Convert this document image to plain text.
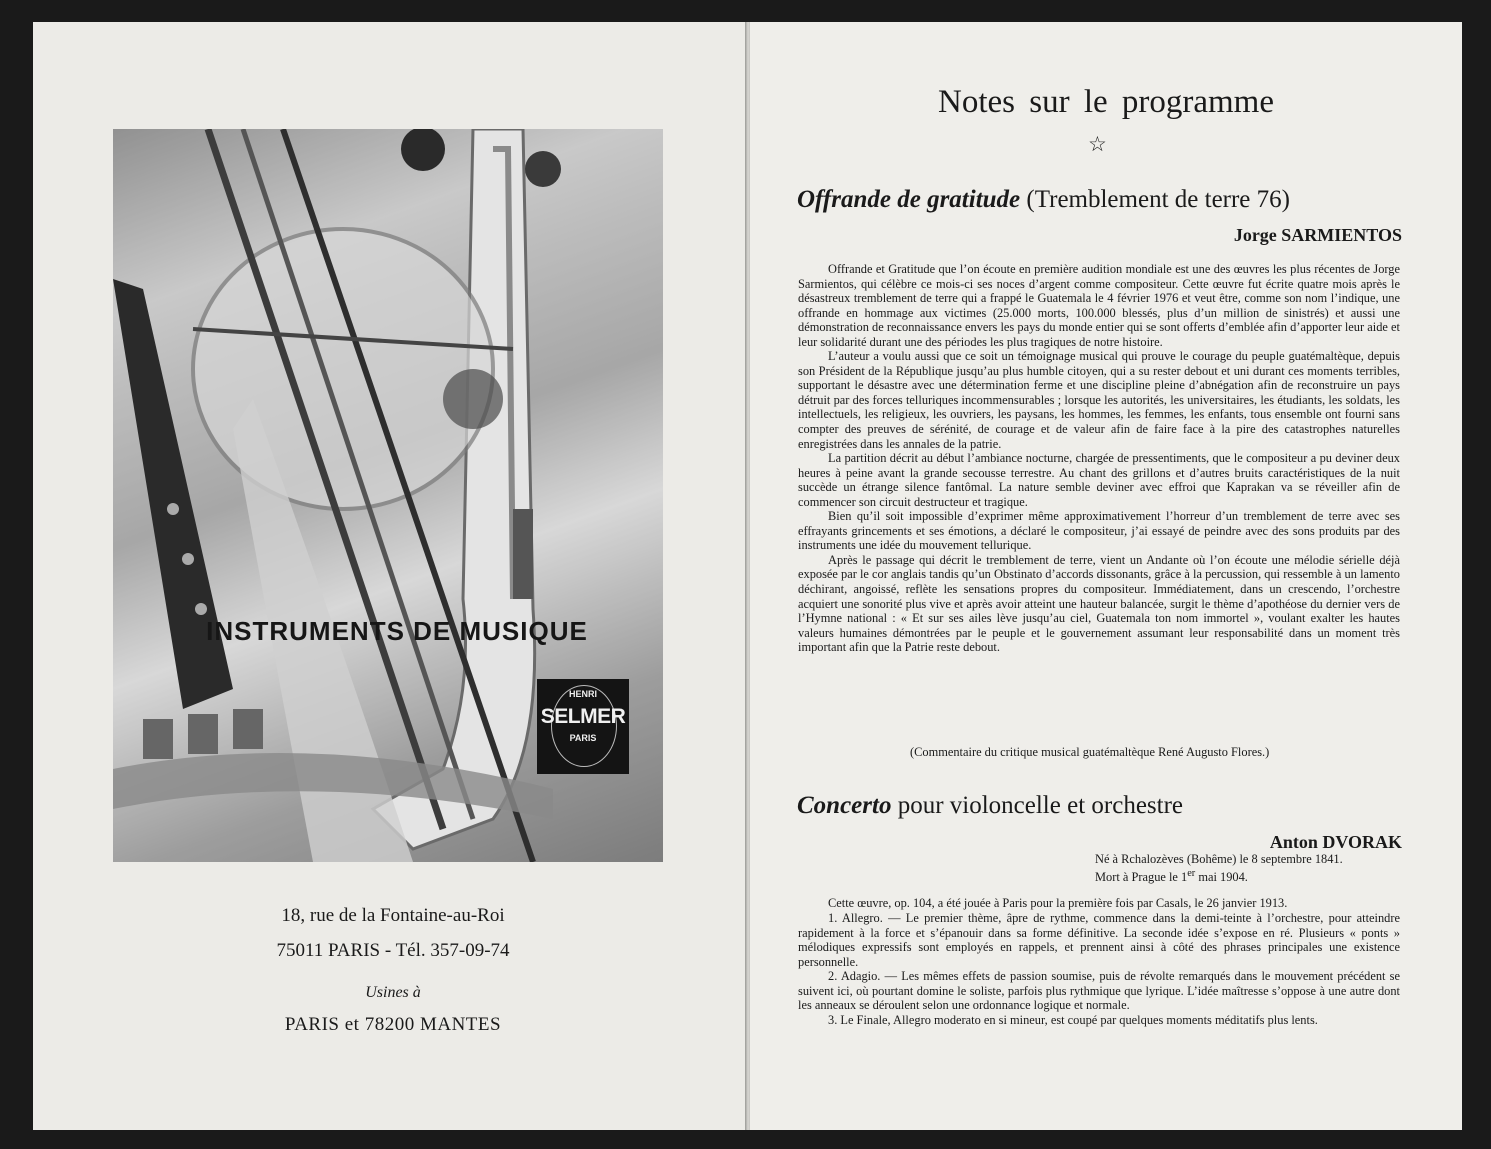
INSTRUMENTS DE MUSIQUE
HENRI
SELMER
PARIS
18, rue de la Fontaine-au-Roi
75011 PARIS - Tél. 357-09-74
Usines à
PARIS et 78200 MANTES
Notes sur le programme
☆
Offrande de gratitude (Tremblement de terre 76)
Jorge SARMIENTOS

Offrande et Gratitude que l’on écoute en première audition mondiale est une des œuvres les plus récentes de Jorge Sarmientos, qui célèbre ce mois-ci ses noces d’argent comme compositeur. Cette œuvre fut écrite quatre mois après le désastreux tremblement de terre qui a frappé le Guatemala le 4 février 1976 et veut être, comme son nom l’indique, une offrande en hommage aux victimes (25.000 morts, 100.000 blessés, plus d’un million de sinistrés) et aussi une démonstration de reconnaissance envers les pays du monde entier qui se sont offerts d’emblée afin d’apporter leur aide et leur solidarité durant une des périodes les plus tragiques de notre histoire.

L’auteur a voulu aussi que ce soit un témoignage musical qui prouve le courage du peuple guatémaltèque, depuis son Président de la République jusqu’au plus humble citoyen, qui a su rester debout et uni durant ces moments terribles, supportant le désastre avec une détermination ferme et une discipline pleine d’abnégation afin de reconstruire un pays détruit par des forces telluriques incommensurables ; lorsque les autorités, les universitaires, les étudiants, les soldats, les intellectuels, les religieux, les ouvriers, les paysans, les hommes, les femmes, les enfants, tous ensemble ont fourni sans compter des preuves de sérénité, de courage et de valeur afin de faire face à la pire des catastrophes naturelles enregistrées dans les annales de la patrie.

La partition décrit au début l’ambiance nocturne, chargée de pressentiments, que le compositeur a pu deviner deux heures à peine avant la grande secousse terrestre. Au chant des grillons et d’autres bruits caractéristiques de la nuit succède un étrange silence fantômal. La nature semble deviner avec effroi que Kaprakan va se réveiller afin de commencer son circuit destructeur et tragique.

Bien qu’il soit impossible d’exprimer même approximativement l’horreur d’un tremblement de terre avec ses effrayants grincements et ses émotions, a déclaré le compositeur, j’ai essayé de peindre avec des sons produits par des instruments une idée du mouvement tellurique.

Après le passage qui décrit le tremblement de terre, vient un Andante où l’on écoute une mélodie sérielle déjà exposée par le cor anglais tandis qu’un Obstinato d’accords dissonants, grâce à la percussion, qui ressemble à un lamento déchirant, angoissé, reflète les sensations propres du compositeur. Immédiatement, dans un crescendo, l’orchestre acquiert une sonorité plus vive et après avoir atteint une hauteur balancée, surgit le thème d’apothéose du dernier vers de l’Hymne national : « Et sur ses ailes lève jusqu’au ciel, Guatemala ton nom immortel », voulant exalter les hautes valeurs humaines démontrées par le peuple et le gouvernement assumant leur responsabilité dans un moment très important afin que la Patrie reste debout.

(Commentaire du critique musical guatémaltèque René Augusto Flores.)
Concerto pour violoncelle et orchestre
Anton DVORAK
Né à Rchalozèves (Bohême) le 8 septembre 1841.
Mort à Prague le 1er mai 1904.

Cette œuvre, op. 104, a été jouée à Paris pour la première fois par Casals, le 26 janvier 1913.

1. Allegro. — Le premier thème, âpre de rythme, commence dans la demi-teinte à l’orchestre, pour atteindre rapidement à la force et s’épanouir dans sa forme définitive. La seconde idée s’expose en ré. Plusieurs « ponts » mélodiques expressifs sont employés en rappels, et prennent ainsi à côté des phrases principales une existence personnelle.

2. Adagio. — Les mêmes effets de passion soumise, puis de révolte remarqués dans le mouvement précédent se suivent ici, où pourtant domine le soliste, parfois plus rythmique que lyrique. L’idée maîtresse s’oppose à une autre dont les anneaux se déroulent selon une ordonnance logique et normale.

3. Le Finale, Allegro moderato en si mineur, est coupé par quelques moments méditatifs plus lents.
